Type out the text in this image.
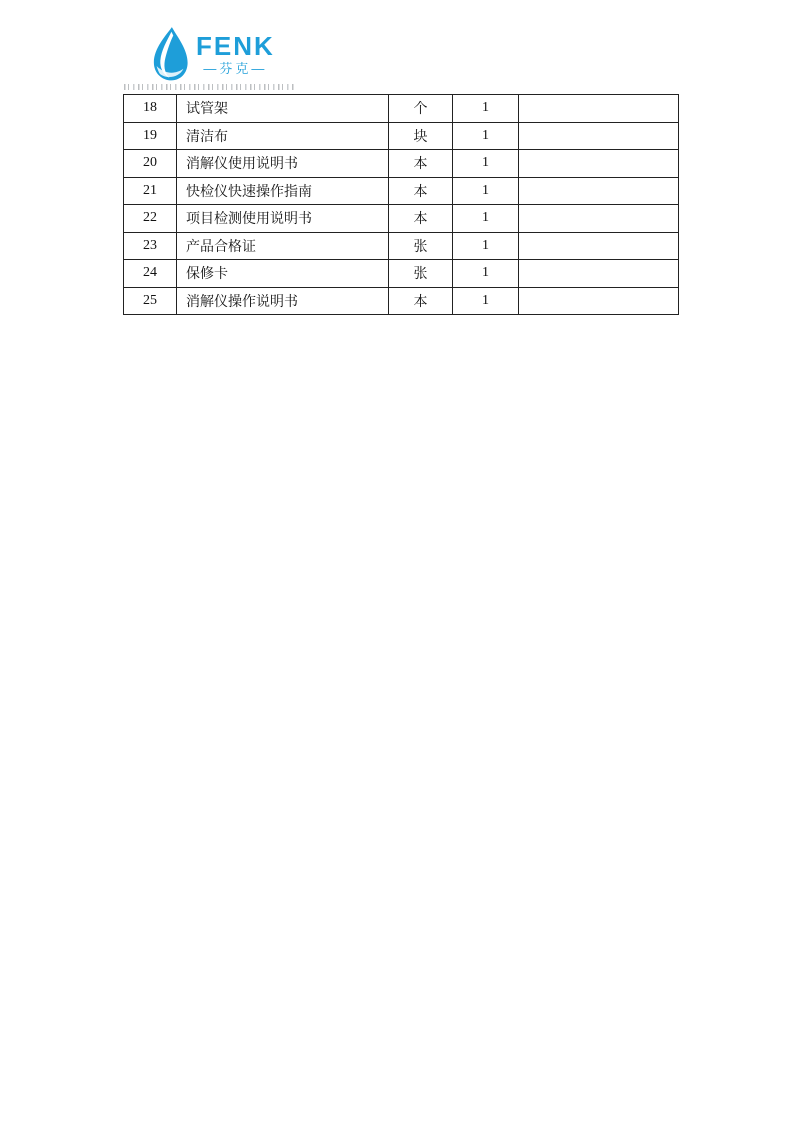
FENK
—芬克—
18	试管架	个	1	
19	清洁布	块	1	
20	消解仪使用说明书	本	1	
21	快检仪快速操作指南	本	1	
22	项目检测使用说明书	本	1	
23	产品合格证	张	1	
24	保修卡	张	1	
25	消解仪操作说明书	本	1	
